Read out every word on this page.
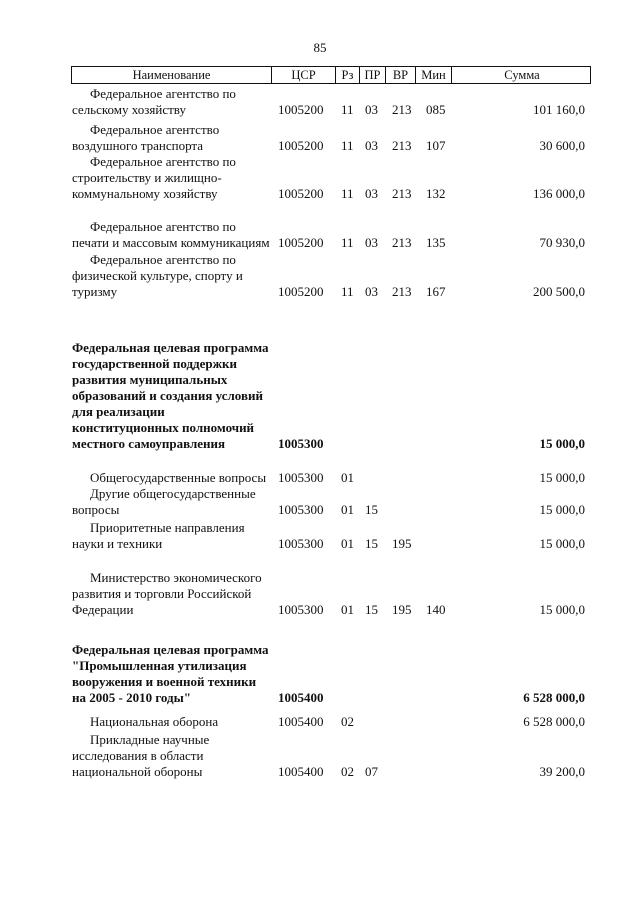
85
Наименование	ЦСР	Рз ПР ВР	Мин	Сумма
Федеральное агентство по сельскому хозяйству	1005200 11 03 213 085	101 160,0
Федеральное агентство воздушного транспорта	1005200 11 03 213 107	30 600,0
Федеральное агентство по строительству и жилищно-коммунальному хозяйству	1005200 11 03 213 132	136 000,0
Федеральное агентство по печати и массовым коммуникациям 1005200 11 03 213 135	70 930,0
Федеральное агентство по физической культуре, спорту и туризму	1005200 11 03 213 167	200 500,0
Федеральная целевая программа государственной поддержки развития муниципальных образований и создания условий для реализации конституционных полномочий местного самоуправления	1005300	15 000,0
Общегосударственные вопросы 1005300 01	15 000,0
Другие общегосударственные вопросы	1005300 01 15	15 000,0
Приоритетные направления науки и техники	1005300 01 15 195	15 000,0
Министерство экономического развития и торговли Российской Федерации	1005300 01 15 195 140	15 000,0
Федеральная целевая программа "Промышленная утилизация вооружения и военной техники на 2005 - 2010 годы"	1005400	6 528 000,0
Национальная оборона	1005400 02	6 528 000,0
Прикладные научные исследования в области национальной обороны	1005400 02 07	39 200,0
